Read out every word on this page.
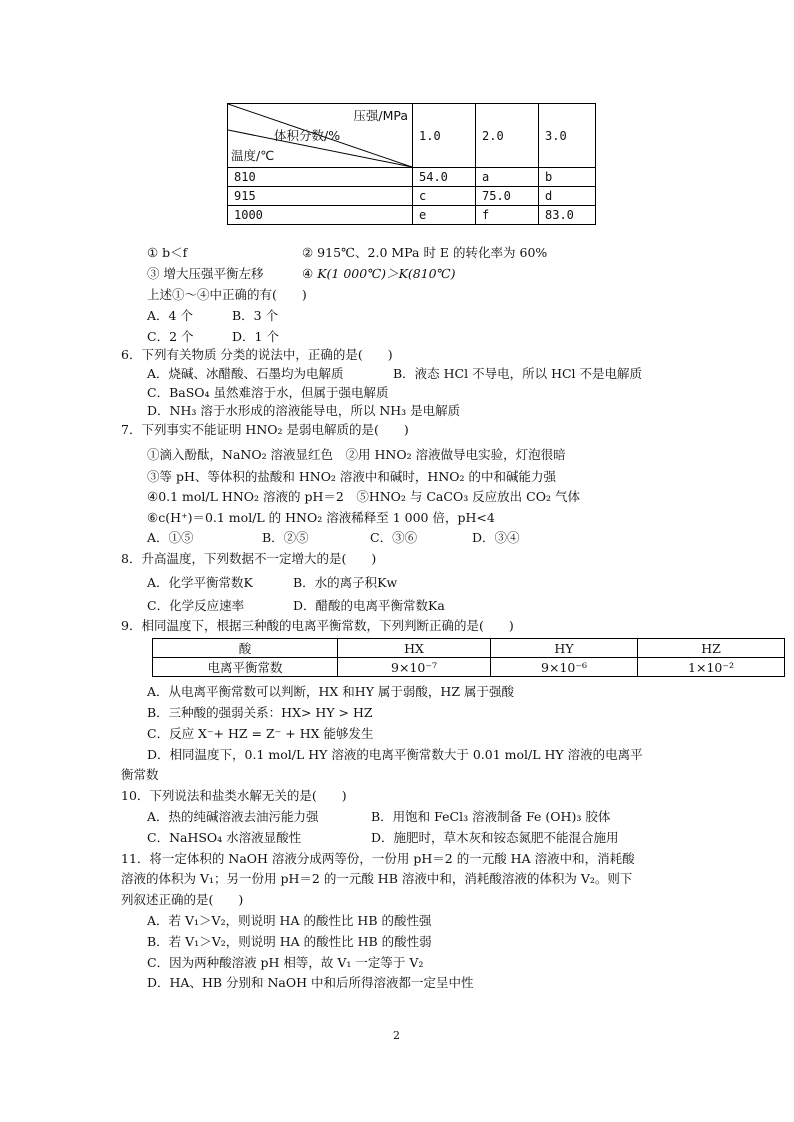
压强/MPa
体积分数/%
温度/℃	1.0	2.0	3.0
810	54.0	a	b
915	c	75.0	d
1000	e	f	83.0
① b＜f	② 915℃、2.0 MPa 时 E 的转化率为 60%
③ 增大压强平衡左移	④ K(1 000℃)＞K(810℃)
上述①～④中正确的有(　　)
A．4 个	B．3 个
C．2 个	D．1 个
6．下列有关物质 分类的说法中，正确的是(　　)
A．烧碱、冰醋酸、石墨均为电解质	B．液态 HCl 不导电，所以 HCl 不是电解质
C．BaSO₄ 虽然难溶于水，但属于强电解质
D．NH₃ 溶于水形成的溶液能导电，所以 NH₃ 是电解质
7．下列事实不能证明 HNO₂ 是弱电解质的是(　　)
①滴入酚酞，NaNO₂ 溶液显红色　②用 HNO₂ 溶液做导电实验，灯泡很暗
③等 pH、等体积的盐酸和 HNO₂ 溶液中和碱时，HNO₂ 的中和碱能力强
④0.1 mol/L HNO₂ 溶液的 pH＝2　⑤HNO₂ 与 CaCO₃ 反应放出 CO₂ 气体
⑥c(H⁺)＝0.1 mol/L 的 HNO₂ 溶液稀释至 1 000 倍，pH<4
A．①⑤	B．②⑤	C．③⑥	D．③④
8．升高温度，下列数据不一定增大的是(　　)
A．化学平衡常数K	B．水的离子积Kw
C．化学反应速率	D．醋酸的电离平衡常数Ka
9．相同温度下，根据三种酸的电离平衡常数，下列判断正确的是(　　)
酸	HX	HY	HZ
电离平衡常数	9×10⁻⁷	9×10⁻⁶	1×10⁻²
A．从电离平衡常数可以判断，HX 和HY 属于弱酸，HZ 属于强酸
B．三种酸的强弱关系：HX> HY > HZ
C．反应 X⁻+ HZ = Z⁻ + HX 能够发生
D．相同温度下，0.1 mol/L HY 溶液的电离平衡常数大于 0.01 mol/L HY 溶液的电离平
衡常数
10．下列说法和盐类水解无关的是(　　)
A．热的纯碱溶液去油污能力强	B．用饱和 FeCl₃ 溶液制备 Fe (OH)₃ 胶体
C．NaHSO₄ 水溶液显酸性	D．施肥时，草木灰和铵态氮肥不能混合施用
11．将一定体积的 NaOH 溶液分成两等份，一份用 pH＝2 的一元酸 HA 溶液中和，消耗酸
溶液的体积为 V₁；另一份用 pH＝2 的一元酸 HB 溶液中和，消耗酸溶液的体积为 V₂。则下
列叙述正确的是(　　)
A．若 V₁＞V₂，则说明 HA 的酸性比 HB 的酸性强
B．若 V₁＞V₂，则说明 HA 的酸性比 HB 的酸性弱
C．因为两种酸溶液 pH 相等，故 V₁ 一定等于 V₂
D．HA、HB 分别和 NaOH 中和后所得溶液都一定呈中性
2
